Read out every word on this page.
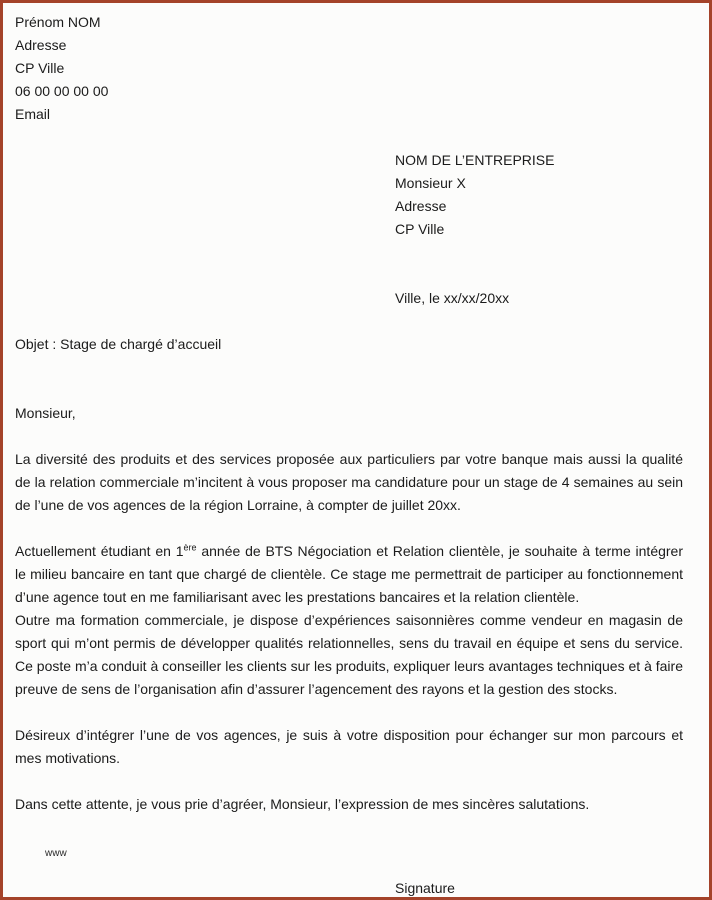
Prénom NOM
Adresse
CP Ville
06 00 00 00 00
Email
NOM DE L’ENTREPRISE
Monsieur X
Adresse
CP Ville
Ville, le xx/xx/20xx
Objet : Stage de chargé d’accueil
Monsieur,

La diversité des produits et des services proposée aux particuliers par votre banque mais aussi la qualité de la relation commerciale m’incitent à vous proposer ma candidature pour un stage de 4 semaines au sein de l’une de vos agences de la région Lorraine, à compter de juillet 20xx.

Actuellement étudiant en 1ère année de BTS Négociation et Relation clientèle, je souhaite à terme intégrer le milieu bancaire en tant que chargé de clientèle. Ce stage me permettrait de participer au fonctionnement d’une agence tout en me familiarisant avec les prestations bancaires et la relation clientèle.

Outre ma formation commerciale, je dispose d’expériences saisonnières comme vendeur en magasin de sport qui m’ont permis de développer qualités relationnelles, sens du travail en équipe et sens du service. Ce poste m’a conduit à conseiller les clients sur les produits, expliquer leurs avantages techniques et à faire preuve de sens de l’organisation afin d’assurer l’agencement des rayons et la gestion des stocks.

Désireux d’intégrer l’une de vos agences, je suis à votre disposition pour échanger sur mon parcours et mes motivations.

Dans cette attente, je vous prie d’agréer, Monsieur, l’expression de mes sincères salutations.

www
Signature
